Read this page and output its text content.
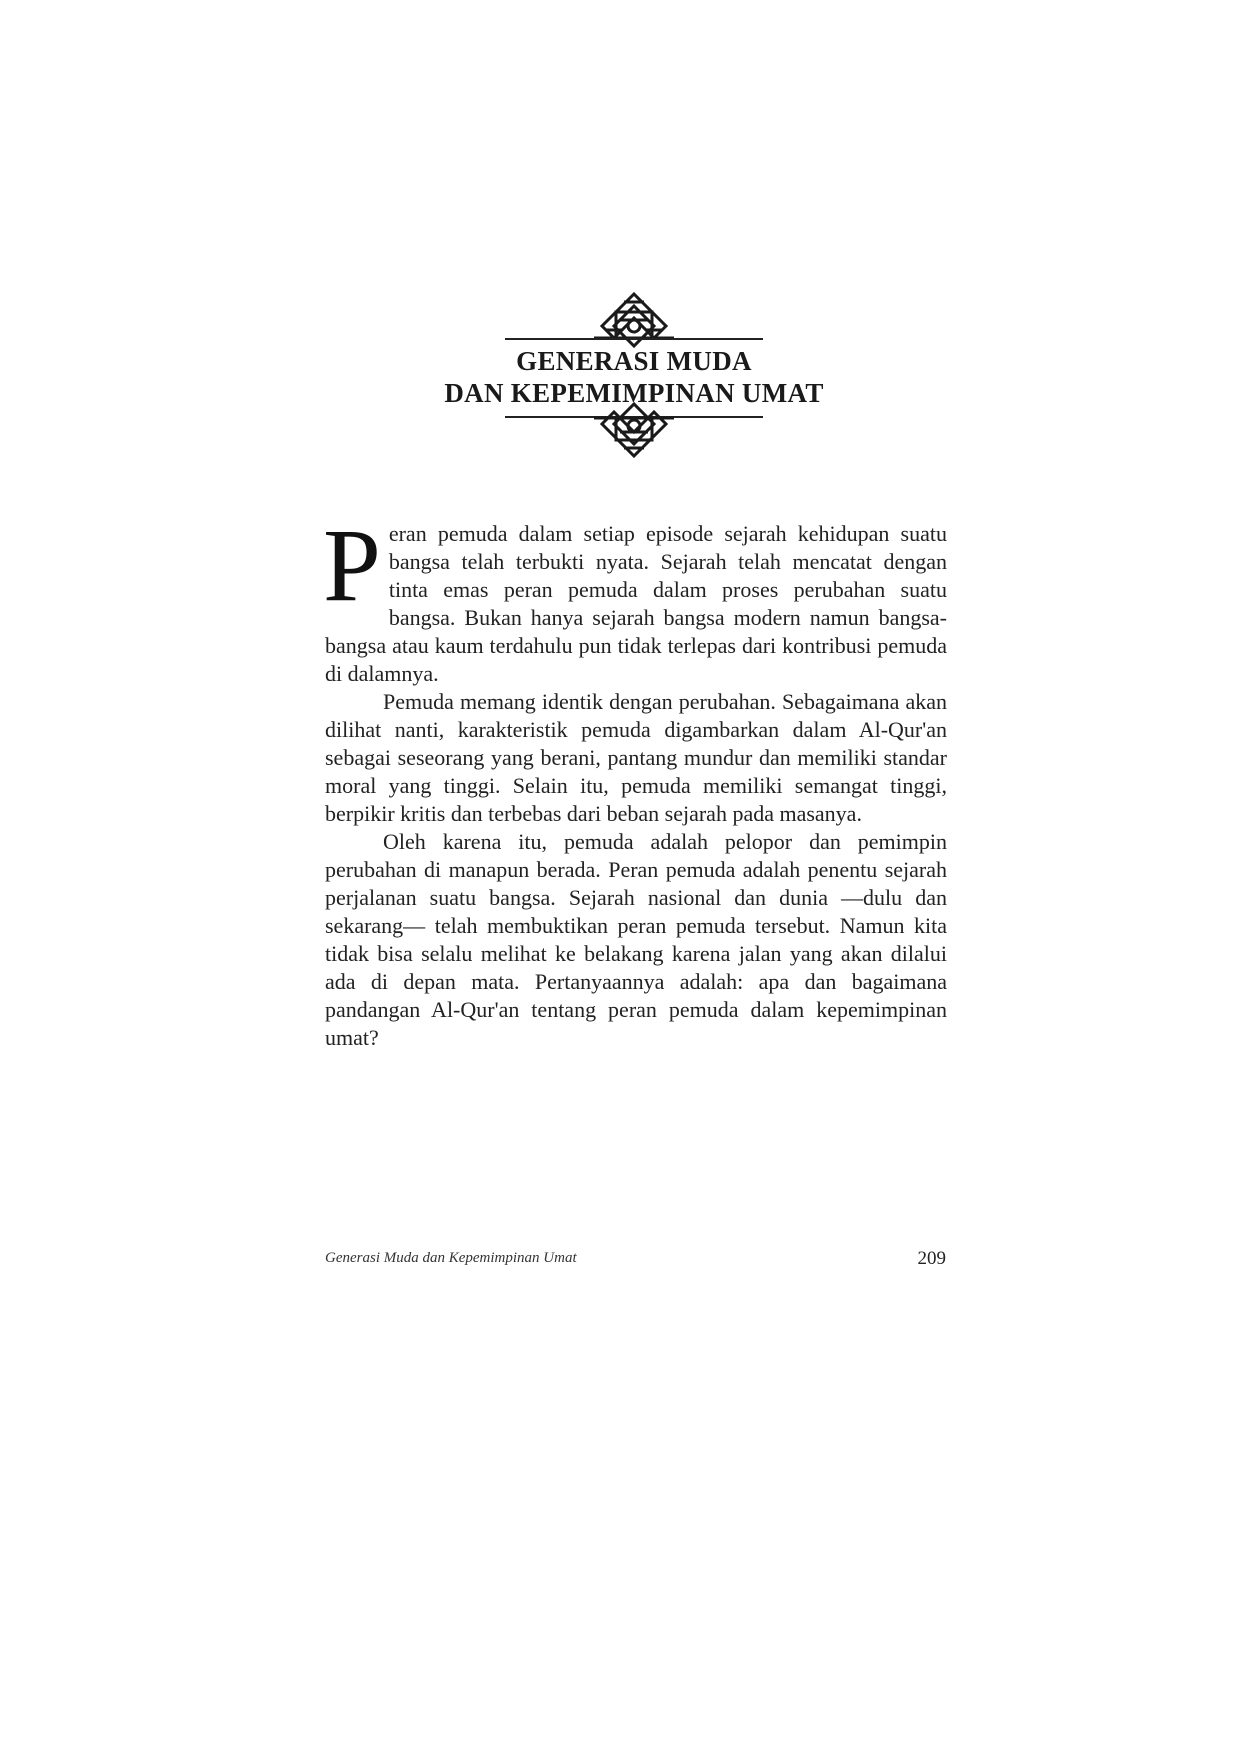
GENERASI MUDA
DAN KEPEMIMPINAN UMAT

Peran pemuda dalam setiap episode sejarah kehidupan suatu bangsa telah terbukti nyata. Sejarah telah mencatat dengan tinta emas peran pemuda dalam proses perubahan suatu bangsa. Bukan hanya sejarah bangsa modern namun bangsa-bangsa atau kaum terdahulu pun tidak terlepas dari kontribusi pemuda di dalamnya.

Pemuda memang identik dengan perubahan. Sebagaimana akan dilihat nanti, karakteristik pemuda digambarkan dalam Al-Qur'an sebagai seseorang yang berani, pantang mundur dan memiliki standar moral yang tinggi. Selain itu, pemuda memiliki semangat tinggi, berpikir kritis dan terbebas dari beban sejarah pada masanya.

Oleh karena itu, pemuda adalah pelopor dan pemimpin perubahan di manapun berada. Peran pemuda adalah penentu sejarah perjalanan suatu bangsa. Sejarah nasional dan dunia —dulu dan sekarang— telah membuktikan peran pemuda tersebut. Namun kita tidak bisa selalu melihat ke belakang karena jalan yang akan dilalui ada di depan mata. Pertanyaannya adalah: apa dan bagaimana pandangan Al-Qur'an tentang peran pemuda dalam kepemimpinan umat?

Generasi Muda dan Kepemimpinan Umat	209
